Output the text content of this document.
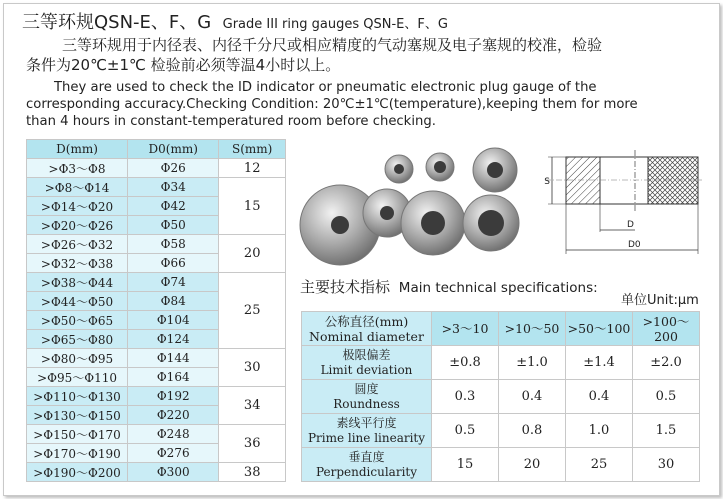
三等环规QSN-E、F、G Grade III ring gauges QSN-E、F、G
三等环规用于内径表、内径千分尺或相应精度的气动塞规及电子塞规的校准，检验
条件为20℃±1℃ 检验前必须等温4小时以上。
They are used to check the ID indicator or pneumatic electronic plug gauge of the
corresponding accuracy.Checking Condition: 20℃±1℃(temperature),keeping them for more
than 4 hours in constant-temperatured room before checking.
D(mm)	D0(mm)	S(mm)
>Φ3～Φ8	Φ26	12
>Φ8～Φ14	Φ34	15
>Φ14～Φ20	Φ42	
>Φ20～Φ26	Φ50	
>Φ26～Φ32	Φ58	20
>Φ32～Φ38	Φ66	
>Φ38～Φ44	Φ74	25
>Φ44～Φ50	Φ84	
>Φ50～Φ65	Φ104	
>Φ65～Φ80	Φ124	
>Φ80～Φ95	Φ144	30
>Φ95～Φ110	Φ164	
>Φ110～Φ130	Φ192	34
>Φ130～Φ150	Φ220	
>Φ150～Φ170	Φ248	36
>Φ170～Φ190	Φ276	
>Φ190～Φ200	Φ300	38
S
D
D0
主要技术指标 Main technical specifications:
单位Unit:μm
公称直径(mm)
Nominal diameter	>3～10	>10～50	>50～100	>100～200
极限偏差
Limit deviation	±0.8	±1.0	±1.4	±2.0
圆度
Roundness	0.3	0.4	0.4	0.5
素线平行度
Prime line linearity	0.5	0.8	1.0	1.5
垂直度
Perpendicularity	15	20	25	30
